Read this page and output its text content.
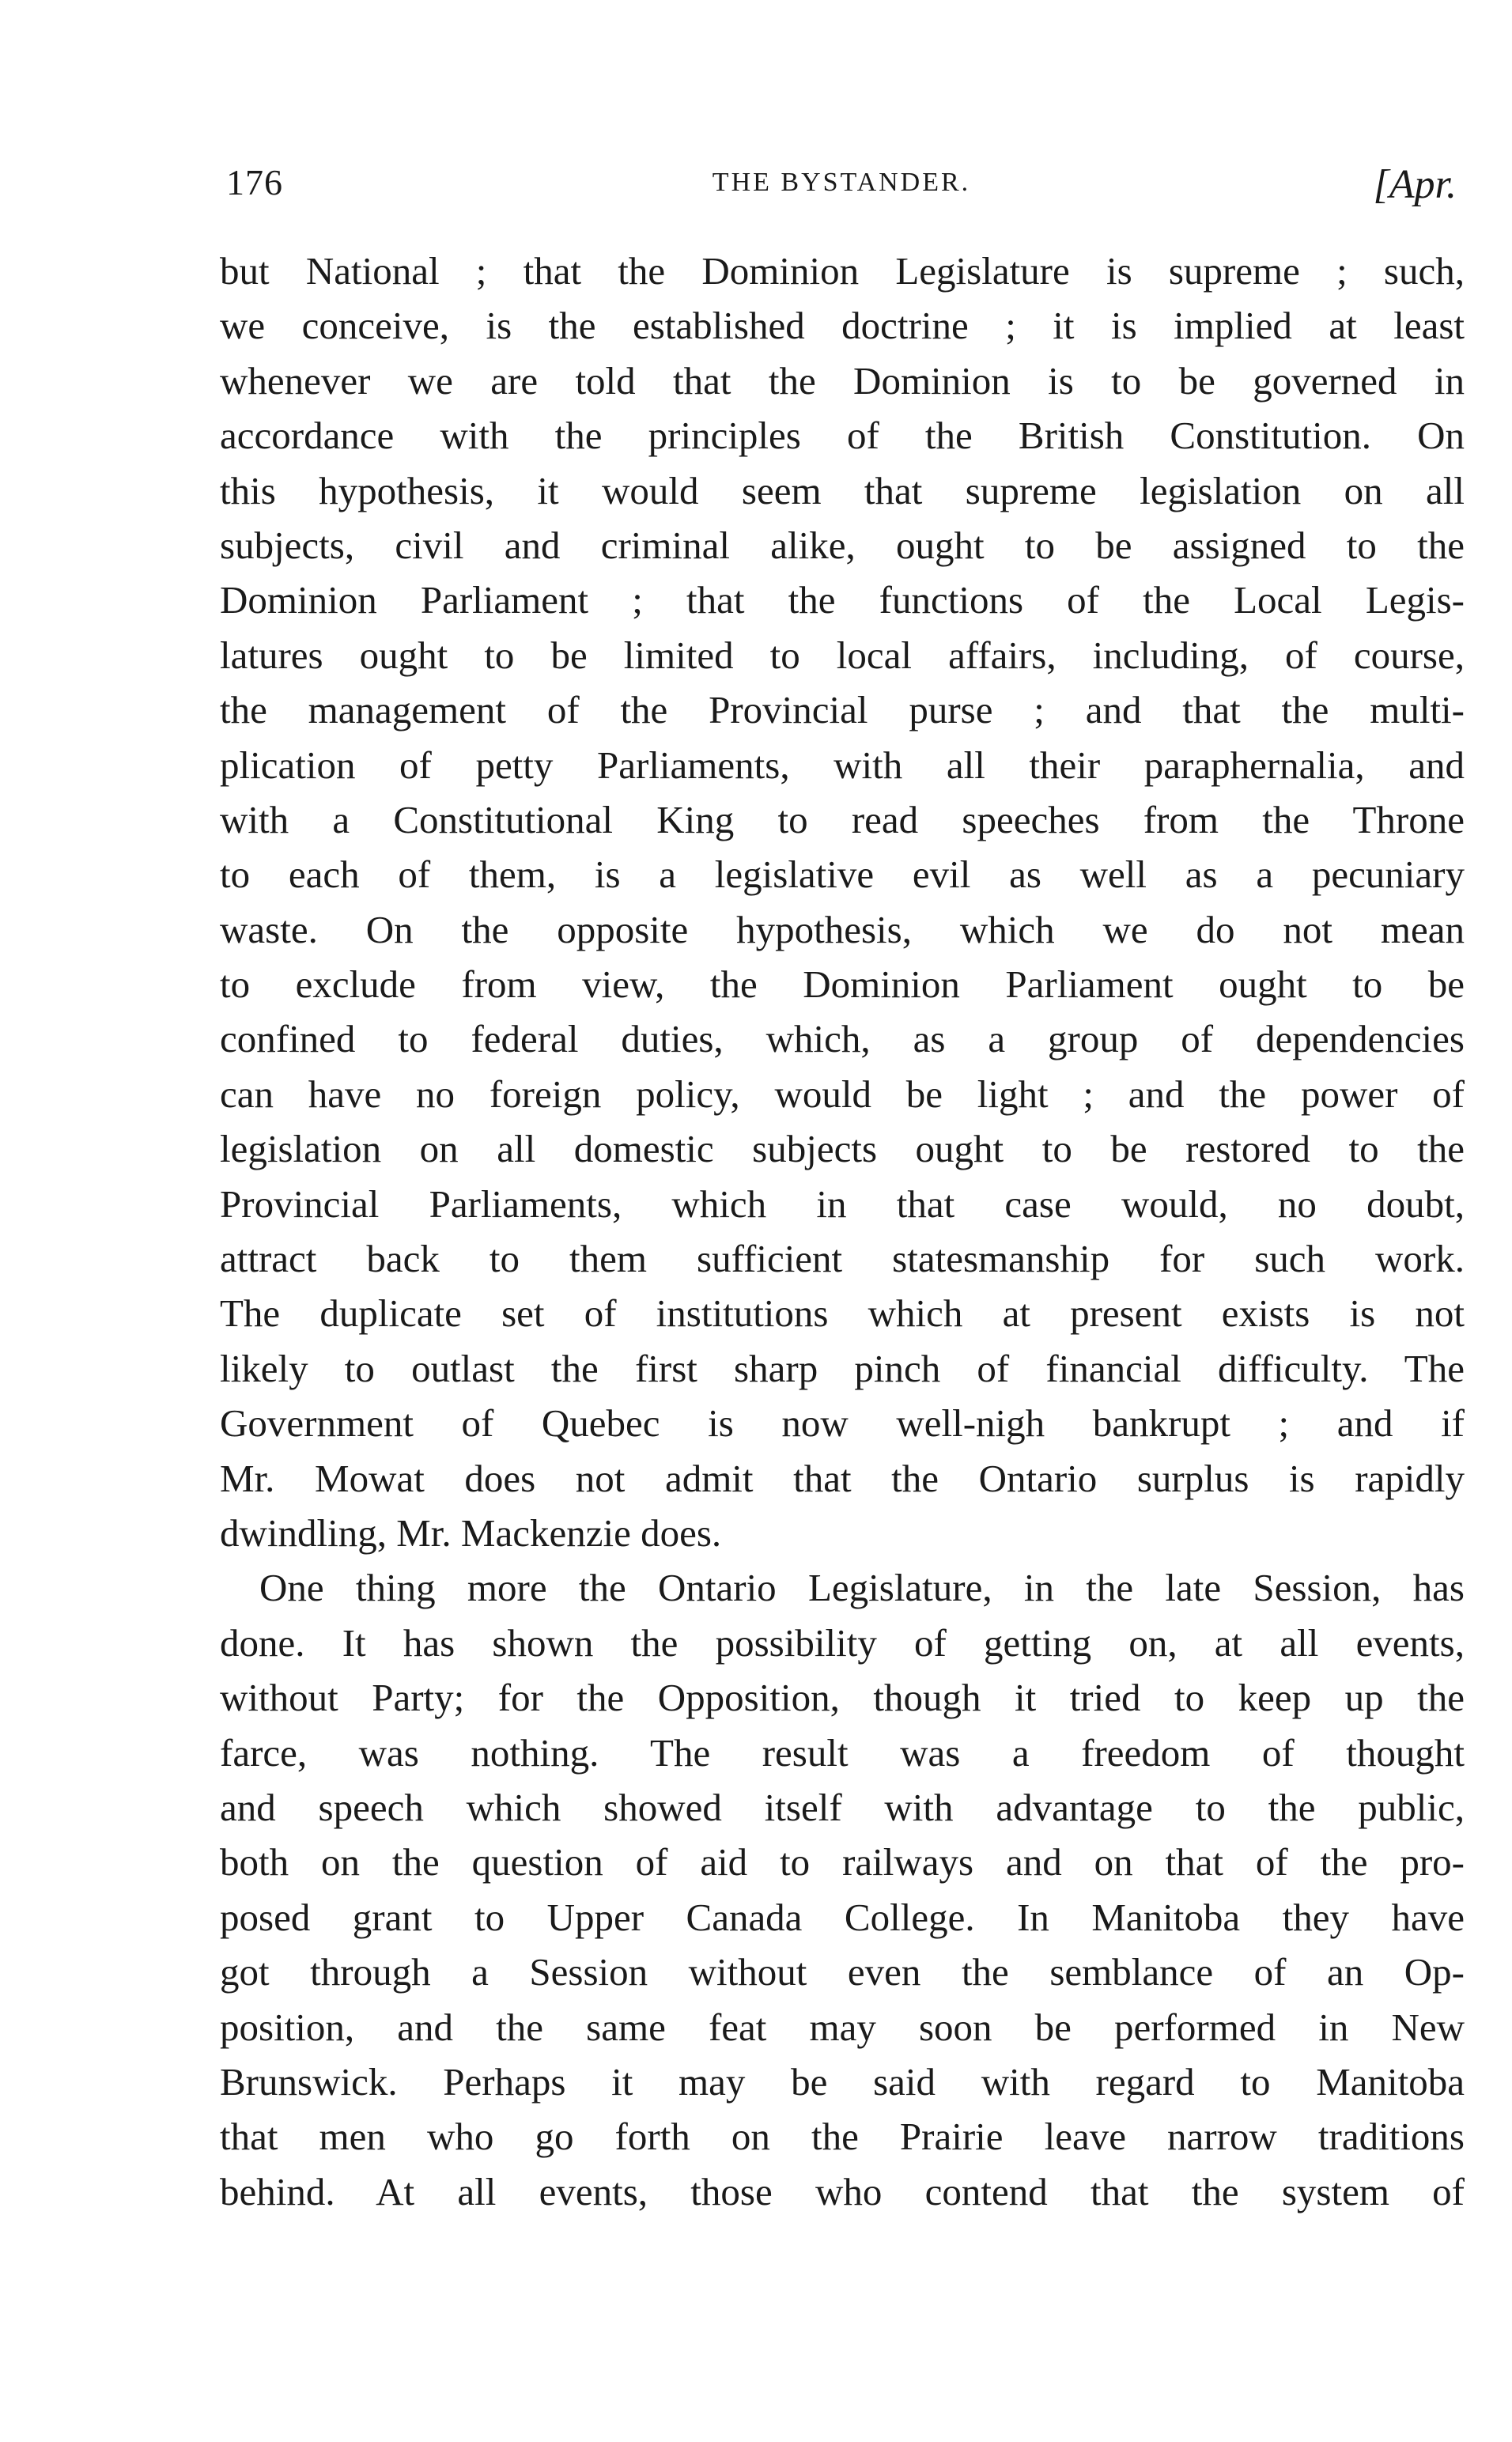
176	THE BYSTANDER.	[Apr.
but National ; that the Dominion Legislature is supreme ; such,
we conceive, is the established doctrine ; it is implied at least
whenever we are told that the Dominion is to be governed in
accordance with the principles of the British Constitution. On
this hypothesis, it would seem that supreme legislation on all
subjects, civil and criminal alike, ought to be assigned to the
Dominion Parliament ; that the functions of the Local Legis-
latures ought to be limited to local affairs, including, of course,
the management of the Provincial purse ; and that the multi-
plication of petty Parliaments, with all their paraphernalia, and
with a Constitutional King to read speeches from the Throne
to each of them, is a legislative evil as well as a pecuniary
waste. On the opposite hypothesis, which we do not mean
to exclude from view, the Dominion Parliament ought to be
confined to federal duties, which, as a group of dependencies
can have no foreign policy, would be light ; and the power of
legislation on all domestic subjects ought to be restored to the
Provincial Parliaments, which in that case would, no doubt,
attract back to them sufficient statesmanship for such work.
The duplicate set of institutions which at present exists is not
likely to outlast the first sharp pinch of financial difficulty. The
Government of Quebec is now well-nigh bankrupt ; and if
Mr. Mowat does not admit that the Ontario surplus is rapidly
dwindling, Mr. Mackenzie does.
One thing more the Ontario Legislature, in the late Session, has
done. It has shown the possibility of getting on, at all events,
without Party; for the Opposition, though it tried to keep up the
farce, was nothing. The result was a freedom of thought
and speech which showed itself with advantage to the public,
both on the question of aid to railways and on that of the pro-
posed grant to Upper Canada College. In Manitoba they have
got through a Session without even the semblance of an Op-
position, and the same feat may soon be performed in New
Brunswick. Perhaps it may be said with regard to Manitoba
that men who go forth on the Prairie leave narrow traditions
behind. At all events, those who contend that the system of
